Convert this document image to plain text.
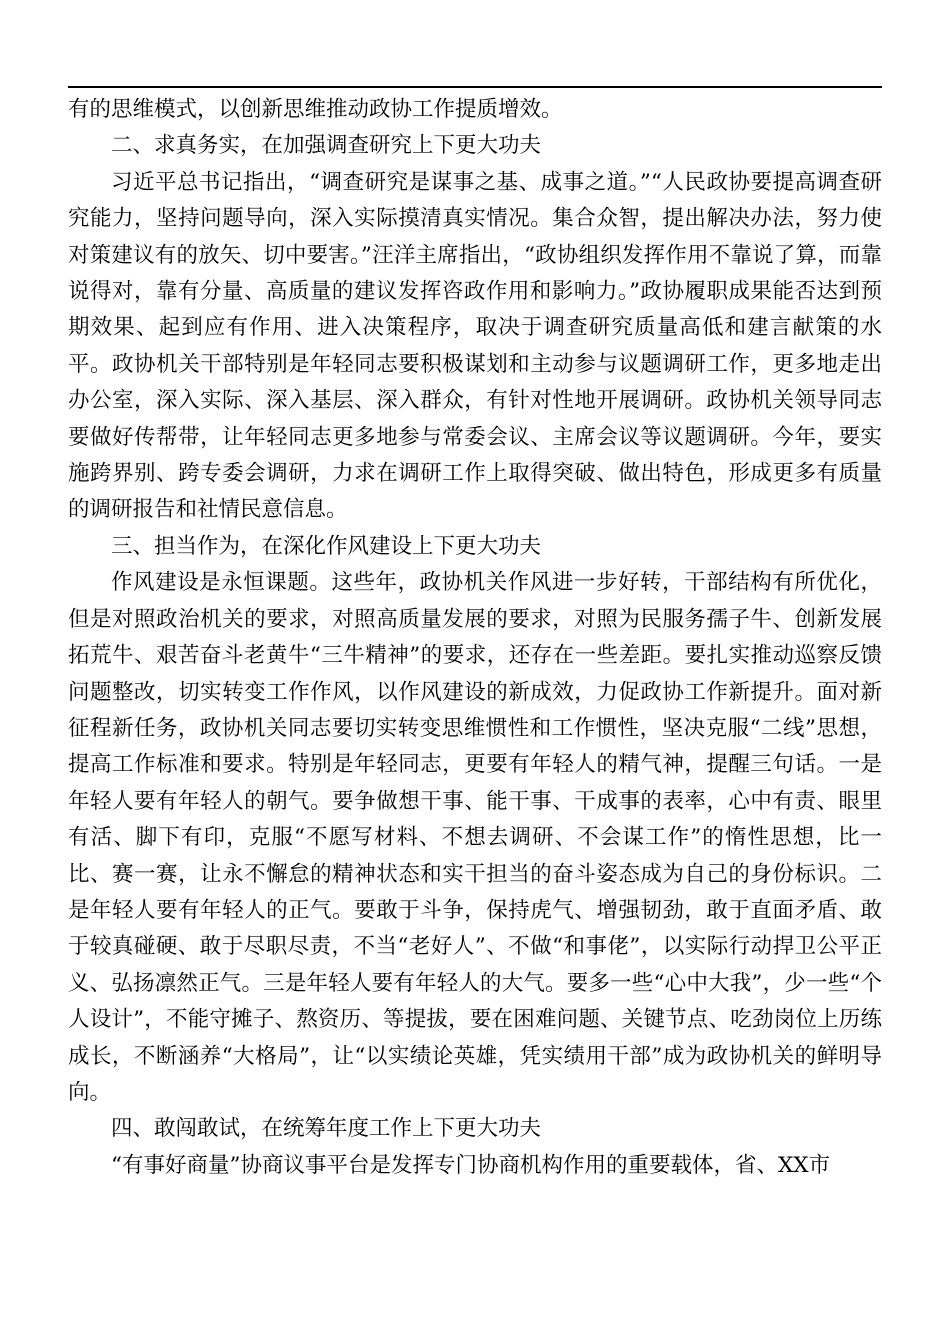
有的思维模式，以创新思维推动政协工作提质增效。

二、求真务实，在加强调查研究上下更大功夫

习近平总书记指出，“调查研究是谋事之基、成事之道。”“人民政协要提高调查研究能力，坚持问题导向，深入实际摸清真实情况。集合众智，提出解决办法，努力使对策建议有的放矢、切中要害。”汪洋主席指出，“政协组织发挥作用不靠说了算，而靠说得对，靠有分量、高质量的建议发挥咨政作用和影响力。”政协履职成果能否达到预期效果、起到应有作用、进入决策程序，取决于调查研究质量高低和建言献策的水平。政协机关干部特别是年轻同志要积极谋划和主动参与议题调研工作，更多地走出办公室，深入实际、深入基层、深入群众，有针对性地开展调研。政协机关领导同志要做好传帮带，让年轻同志更多地参与常委会议、主席会议等议题调研。今年，要实施跨界别、跨专委会调研，力求在调研工作上取得突破、做出特色，形成更多有质量的调研报告和社情民意信息。

三、担当作为，在深化作风建设上下更大功夫

作风建设是永恒课题。这些年，政协机关作风进一步好转，干部结构有所优化，但是对照政治机关的要求，对照高质量发展的要求，对照为民服务孺子牛、创新发展拓荒牛、艰苦奋斗老黄牛“三牛精神”的要求，还存在一些差距。要扎实推动巡察反馈问题整改，切实转变工作作风，以作风建设的新成效，力促政协工作新提升。面对新征程新任务，政协机关同志要切实转变思维惯性和工作惯性，坚决克服“二线”思想，提高工作标准和要求。特别是年轻同志，更要有年轻人的精气神，提醒三句话。一是年轻人要有年轻人的朝气。要争做想干事、能干事、干成事的表率，心中有责、眼里有活、脚下有印，克服“不愿写材料、不想去调研、不会谋工作”的惰性思想，比一比、赛一赛，让永不懈怠的精神状态和实干担当的奋斗姿态成为自己的身份标识。二是年轻人要有年轻人的正气。要敢于斗争，保持虎气、增强韧劲，敢于直面矛盾、敢于较真碰硬、敢于尽职尽责，不当“老好人”、不做“和事佬”，以实际行动捍卫公平正义、弘扬凛然正气。三是年轻人要有年轻人的大气。要多一些“心中大我”，少一些“个人设计”，不能守摊子、熬资历、等提拔，要在困难问题、关键节点、吃劲岗位上历练成长，不断涵养“大格局”，让“以实绩论英雄，凭实绩用干部”成为政协机关的鲜明导向。

四、敢闯敢试，在统筹年度工作上下更大功夫

“有事好商量”协商议事平台是发挥专门协商机构作用的重要载体，省、XX市
